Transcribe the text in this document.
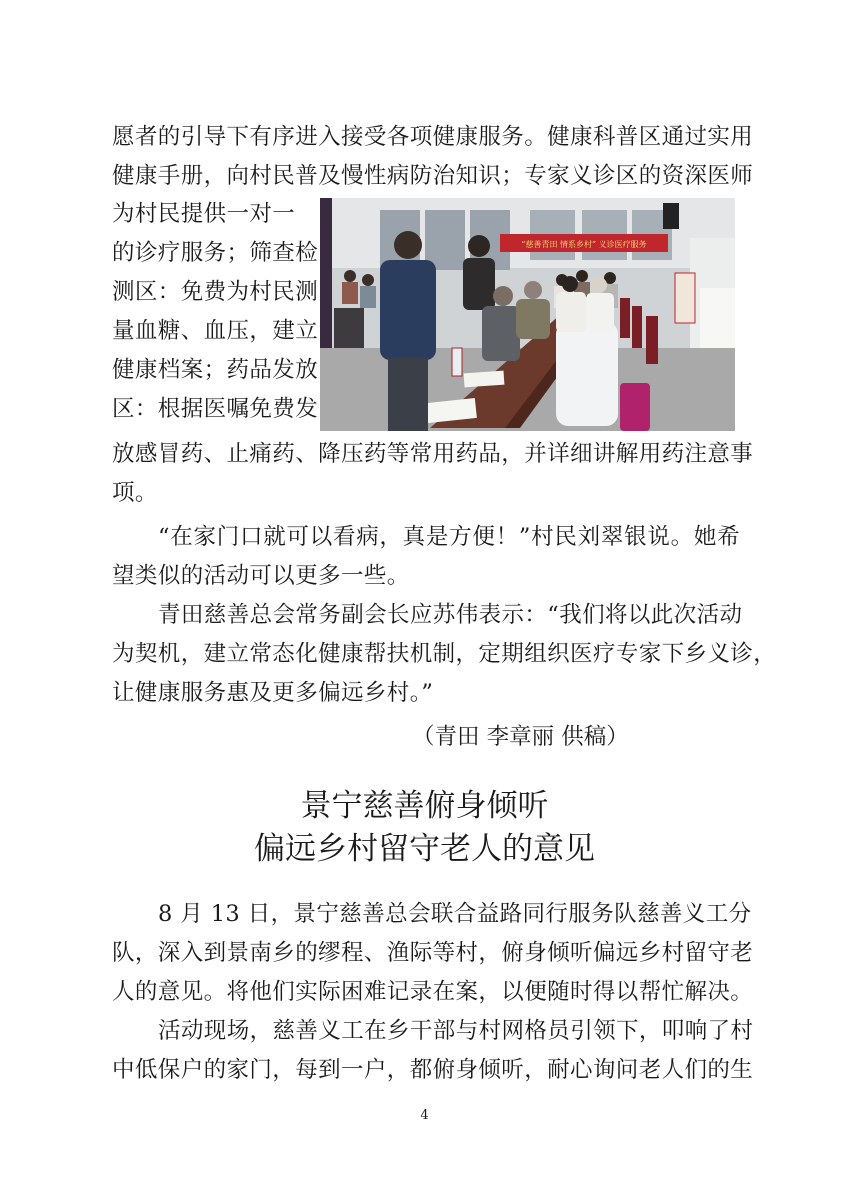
愿者的引导下有序进入接受各项健康服务。健康科普区通过实用
健康手册，向村民普及慢性病防治知识；专家义诊区的资深医师
为村民提供一对一
的诊疗服务；筛查检
测区：免费为村民测
量血糖、血压，建立
健康档案；药品发放
区：根据医嘱免费发
“慈善青田 情系乡村” 义诊医疗服务
放感冒药、止痛药、降压药等常用药品，并详细讲解用药注意事
项。
“在家门口就可以看病，真是方便！”村民刘翠银说。她希
望类似的活动可以更多一些。
青田慈善总会常务副会长应苏伟表示：“我们将以此次活动
为契机，建立常态化健康帮扶机制，定期组织医疗专家下乡义诊，
让健康服务惠及更多偏远乡村。”
（青田 李章丽 供稿）
景宁慈善俯身倾听
偏远乡村留守老人的意见
8 月 13 日，景宁慈善总会联合益路同行服务队慈善义工分
队，深入到景南乡的缪程、渔际等村，俯身倾听偏远乡村留守老
人的意见。将他们实际困难记录在案，以便随时得以帮忙解决。
活动现场，慈善义工在乡干部与村网格员引领下，叩响了村
中低保户的家门，每到一户，都俯身倾听，耐心询问老人们的生
4
